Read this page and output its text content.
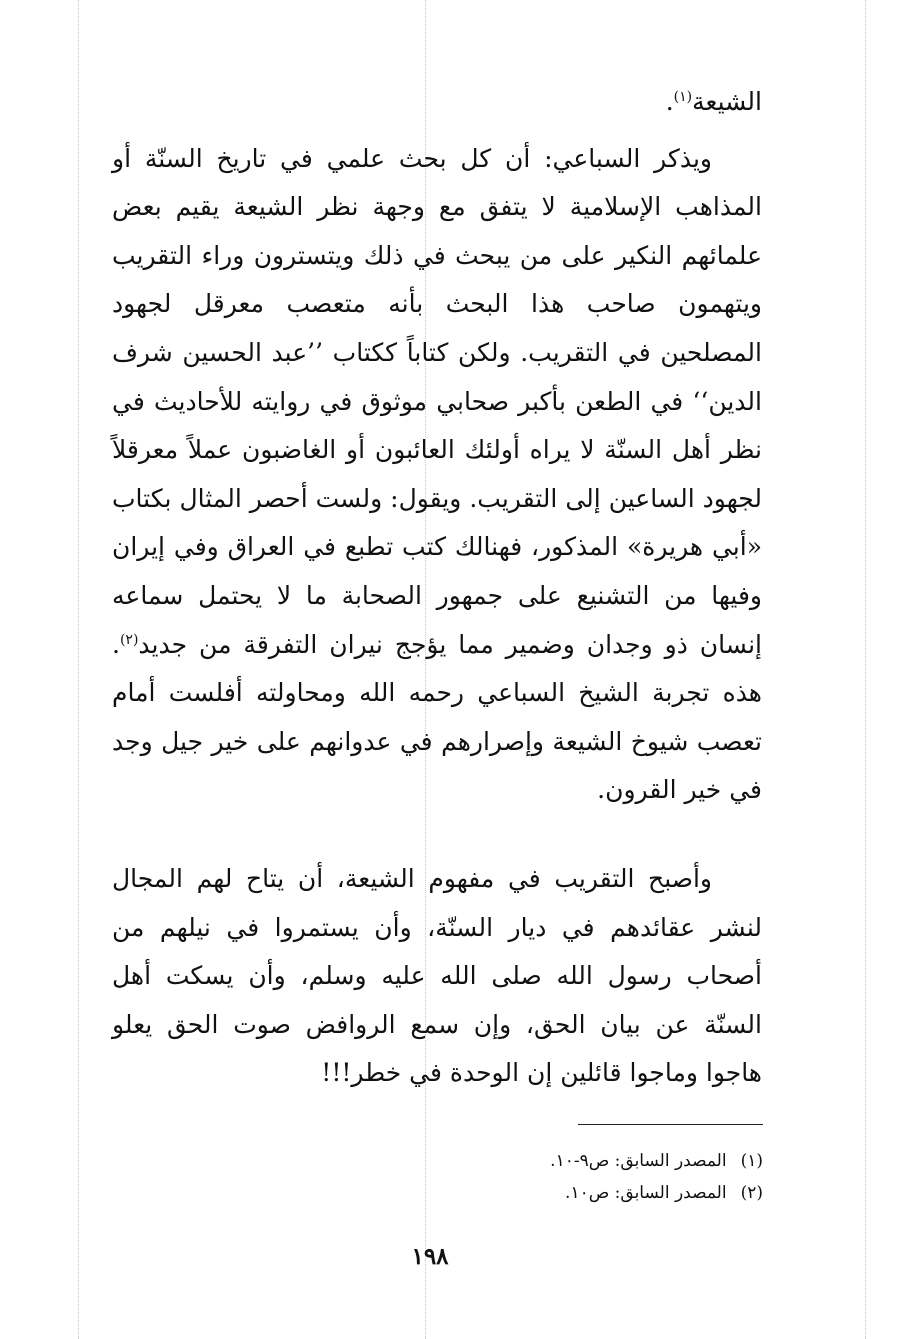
الشيعة$^{(١)}$.

ويذكر السباعي: أن كل بحث علمي في تاريخ السنّة أو المذاهب الإسلامية لا يتفق مع وجهة نظر الشيعة يقيم بعض علمائهم النكير على من يبحث في ذلك ويتسترون وراء التقريب ويتهمون صاحب هذا البحث بأنه متعصب معرقل لجهود المصلحين في التقريب. ولكن كتاباً ككتاب ’’عبد الحسين شرف الدين‘‘ في الطعن بأكبر صحابي موثوق في روايته للأحاديث في نظر أهل السنّة لا يراه أولئك العائبون أو الغاضبون عملاً معرقلاً لجهود الساعين إلى التقريب. ويقول: ولست أحصر المثال بكتاب «أبي هريرة» المذكور، فهنالك كتب تطبع في العراق وفي إيران وفيها من التشنيع على جمهور الصحابة ما لا يحتمل سماعه إنسان ذو وجدان وضمير مما يؤجج نيران التفرقة من جديد$^{(٢)}$. هذه تجربة الشيخ السباعي رحمه الله ومحاولته أفلست أمام تعصب شيوخ الشيعة وإصرارهم في عدوانهم على خير جيل وجد في خير القرون.

وأصبح التقريب في مفهوم الشيعة، أن يتاح لهم المجال لنشر عقائدهم في ديار السنّة، وأن يستمروا في نيلهم من أصحاب رسول الله صلى الله عليه وسلم، وأن يسكت أهل السنّة عن بيان الحق، وإن سمع الروافض صوت الحق يعلو هاجوا وماجوا قائلين إن الوحدة في خطر!!!

(١)
المصدر السابق: ص٩-١٠.
(٢)
المصدر السابق: ص١٠.
١٩٨
